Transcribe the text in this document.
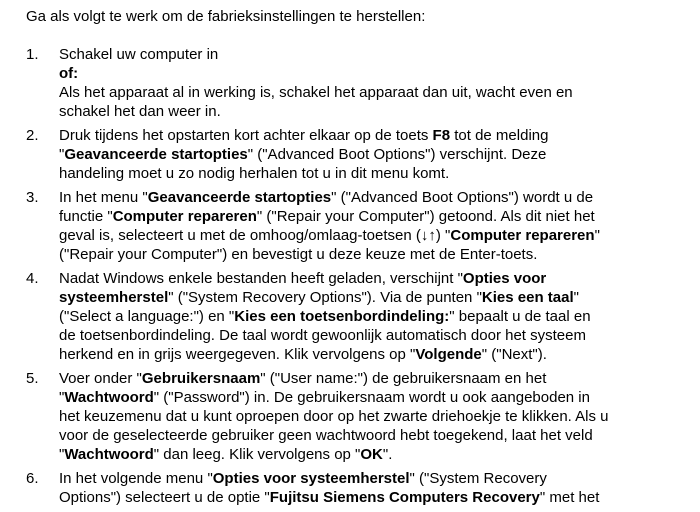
Ga als volgt te werk om de fabrieksinstellingen te herstellen:

1. Schakel uw computer in
of:
Als het apparaat al in werking is, schakel het apparaat dan uit, wacht even en
schakel het dan weer in.
2. Druk tijdens het opstarten kort achter elkaar op de toets F8 tot de melding
"Geavanceerde startopties" ("Advanced Boot Options") verschijnt. Deze
handeling moet u zo nodig herhalen tot u in dit menu komt.
3. In het menu "Geavanceerde startopties" ("Advanced Boot Options") wordt u de
functie "Computer repareren" ("Repair your Computer") getoond. Als dit niet het
geval is, selecteert u met de omhoog/omlaag-toetsen (↓↑) "Computer repareren"
("Repair your Computer") en bevestigt u deze keuze met de Enter-toets.
4. Nadat Windows enkele bestanden heeft geladen, verschijnt "Opties voor
systeemherstel" ("System Recovery Options"). Via de punten "Kies een taal"
("Select a language:") en "Kies een toetsenbordindeling:" bepaalt u de taal en
de toetsenbordindeling. De taal wordt gewoonlijk automatisch door het systeem
herkend en in grijs weergegeven. Klik vervolgens op "Volgende" ("Next").
5. Voer onder "Gebruikersnaam" ("User name:") de gebruikersnaam en het
"Wachtwoord" ("Password") in. De gebruikersnaam wordt u ook aangeboden in
het keuzemenu dat u kunt oproepen door op het zwarte driehoekje te klikken. Als u
voor de geselecteerde gebruiker geen wachtwoord hebt toegekend, laat het veld
"Wachtwoord" dan leeg. Klik vervolgens op "OK".
6. In het volgende menu "Opties voor systeemherstel" ("System Recovery
Options") selecteert u de optie "Fujitsu Siemens Computers Recovery" met het
